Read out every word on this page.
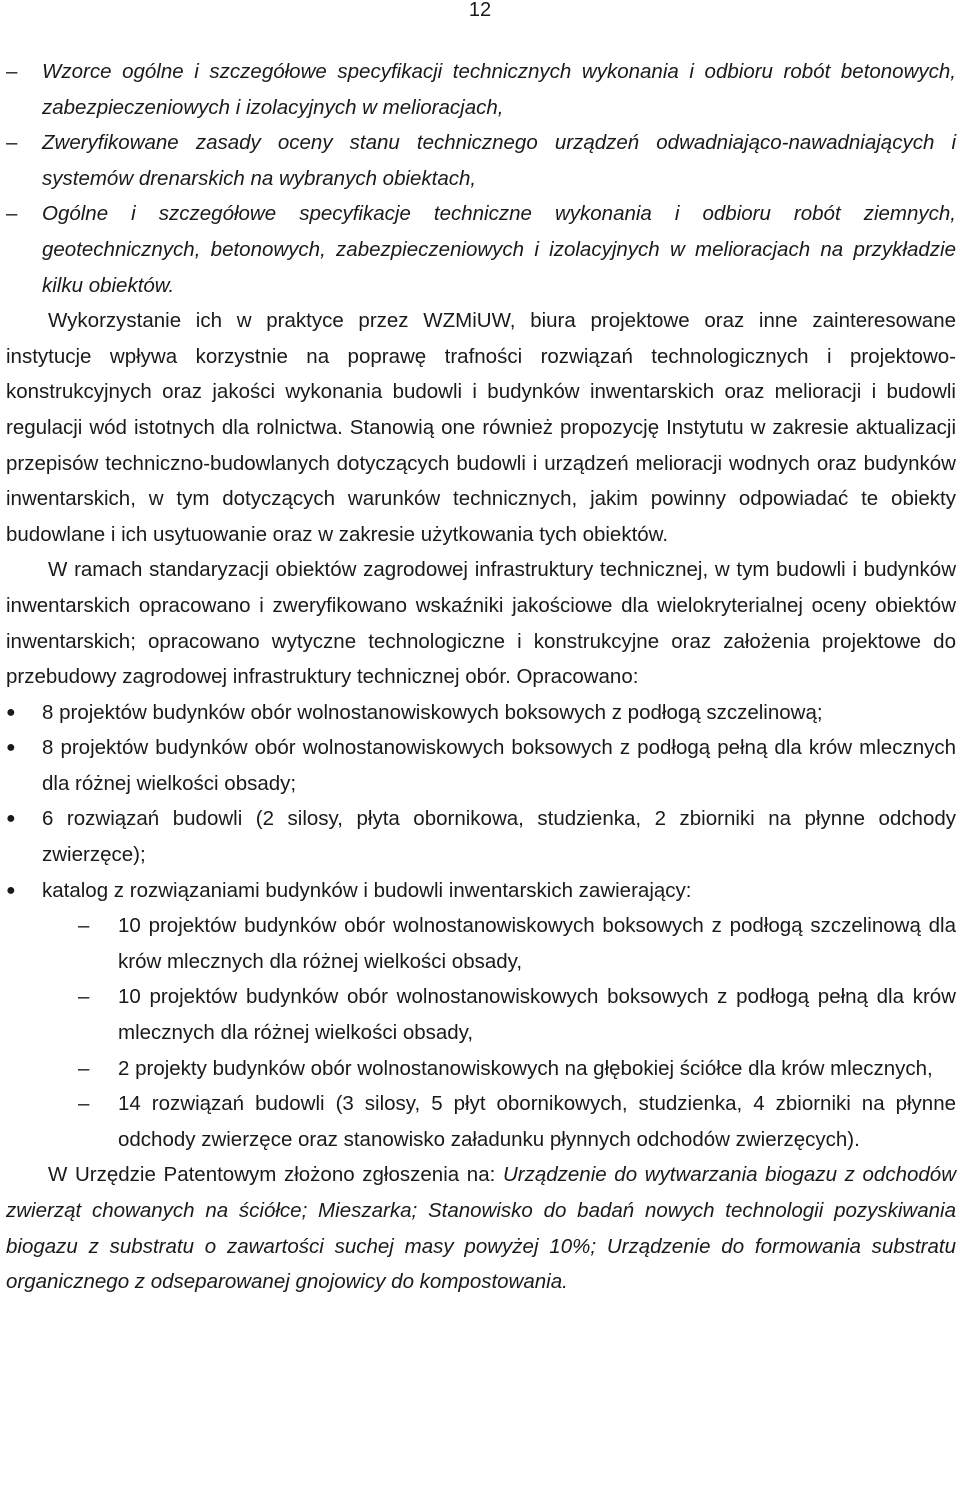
12
– Wzorce ogólne i szczegółowe specyfikacji technicznych wykonania i odbioru robót betonowych, zabezpieczeniowych i izolacyjnych w melioracjach,
– Zweryfikowane zasady oceny stanu technicznego urządzeń odwadniająco-nawadniających i systemów drenarskich na wybranych obiektach,
– Ogólne i szczegółowe specyfikacje techniczne wykonania i odbioru robót ziemnych, geotechnicznych, betonowych, zabezpieczeniowych i izolacyjnych w melioracjach na przykładzie kilku obiektów.

Wykorzystanie ich w praktyce przez WZMiUW, biura projektowe oraz inne zainteresowane instytucje wpływa korzystnie na poprawę trafności rozwiązań technologicznych i projektowo-konstrukcyjnych oraz jakości wykonania budowli i budynków inwentarskich oraz melioracji i budowli regulacji wód istotnych dla rolnictwa. Stanowią one również propozycję Instytutu w zakresie aktualizacji przepisów techniczno-budowlanych dotyczących budowli i urządzeń melioracji wodnych oraz budynków inwentarskich, w tym dotyczących warunków technicznych, jakim powinny odpowiadać te obiekty budowlane i ich usytuowanie oraz w zakresie użytkowania tych obiektów.

W ramach standaryzacji obiektów zagrodowej infrastruktury technicznej, w tym budowli i budynków inwentarskich opracowano i zweryfikowano wskaźniki jakościowe dla wielokryterialnej oceny obiektów inwentarskich; opracowano wytyczne technologiczne i konstrukcyjne oraz założenia projektowe do przebudowy zagrodowej infrastruktury technicznej obór. Opracowano:

● 8 projektów budynków obór wolnostanowiskowych boksowych z podłogą szczelinową;
● 8 projektów budynków obór wolnostanowiskowych boksowych z podłogą pełną dla krów mlecznych dla różnej wielkości obsady;
● 6 rozwiązań budowli (2 silosy, płyta obornikowa, studzienka, 2 zbiorniki na płynne odchody zwierzęce);
● katalog z rozwiązaniami budynków i budowli inwentarskich zawierający:
– 10 projektów budynków obór wolnostanowiskowych boksowych z podłogą szczelinową dla krów mlecznych dla różnej wielkości obsady,
– 10 projektów budynków obór wolnostanowiskowych boksowych z podłogą pełną dla krów mlecznych dla różnej wielkości obsady,
– 2 projekty budynków obór wolnostanowiskowych na głębokiej ściółce dla krów mlecznych,
– 14 rozwiązań budowli (3 silosy, 5 płyt obornikowych, studzienka, 4 zbiorniki na płynne odchody zwierzęce oraz stanowisko załadunku płynnych odchodów zwierzęcych).

W Urzędzie Patentowym złożono zgłoszenia na: Urządzenie do wytwarzania biogazu z odchodów zwierząt chowanych na ściółce; Mieszarka; Stanowisko do badań nowych technologii pozyskiwania biogazu z substratu o zawartości suchej masy powyżej 10%; Urządzenie do formowania substratu organicznego z odseparowanej gnojowicy do kompostowania.
